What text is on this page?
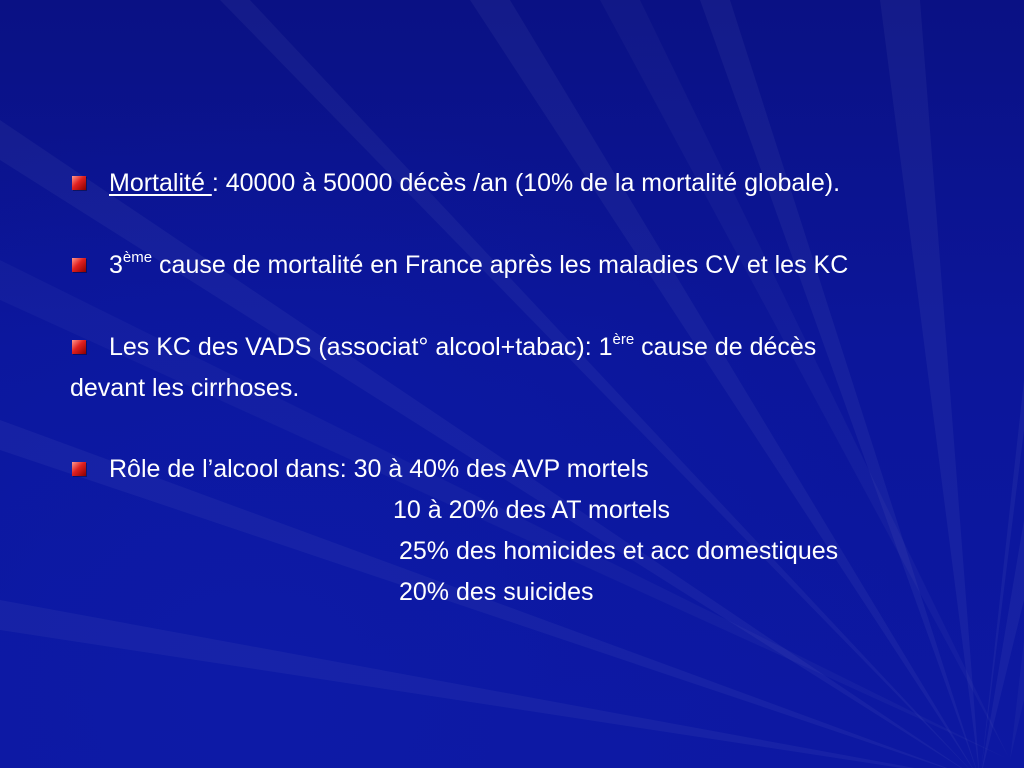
Mortalité : 40000 à 50000 décès /an (10% de la mortalité globale).
3ème cause de mortalité en France après les maladies CV et les KC
Les KC des VADS (associat° alcool+tabac): 1ère cause de décès
devant les cirrhoses.
Rôle de l’alcool dans: 30 à 40% des AVP mortels
10 à 20% des AT mortels
25% des homicides et acc domestiques
20% des suicides
